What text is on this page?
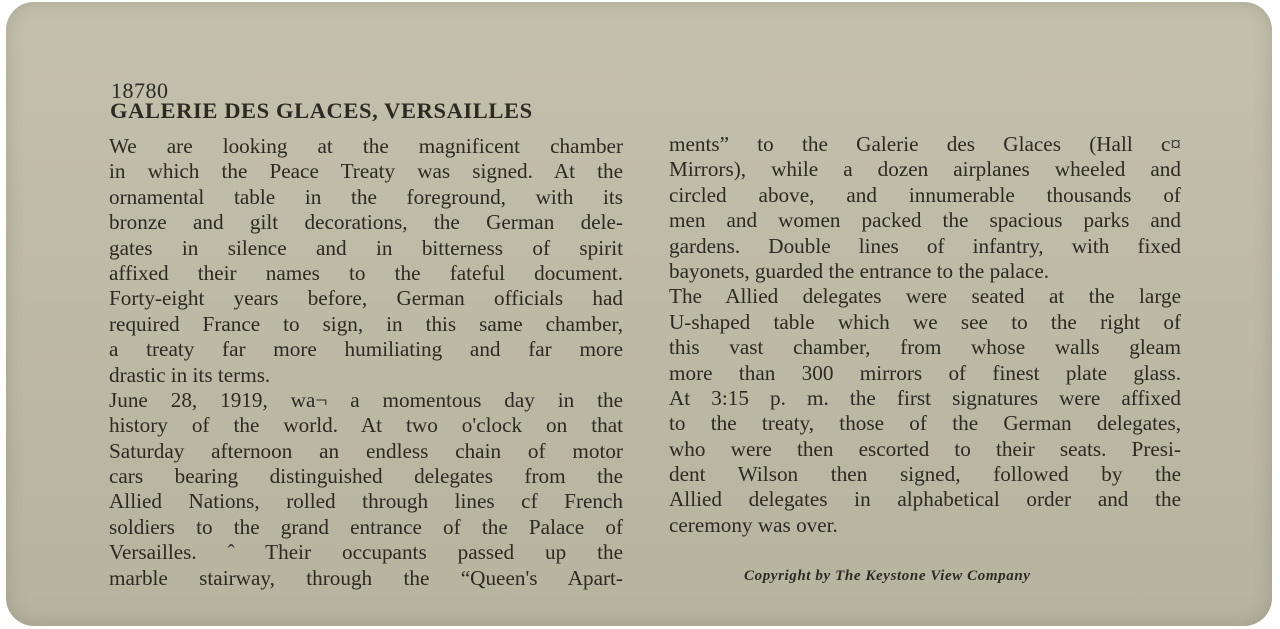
18780
GALERIE DES GLACES, VERSAILLES
We are looking at the magnificent chamber
in which the Peace Treaty was signed. At the
ornamental table in the foreground, with its
bronze and gilt decorations, the German dele-
gates in silence and in bitterness of spirit
affixed their names to the fateful document.
Forty-eight years before, German officials had
required France to sign, in this same chamber,
a treaty far more humiliating and far more
drastic in its terms.
June 28, 1919, wa¬ a momentous day in the
history of the world. At two o'clock on that
Saturday afternoon an endless chain of motor
cars bearing distinguished delegates from the
Allied Nations, rolled through lines cf French
soldiers to the grand entrance of the Palace of
Versailles. ˆ Their occupants passed up the
marble stairway, through the “Queen's Apart-
ments” to the Galerie des Glaces (Hall c¤
Mirrors), while a dozen airplanes wheeled and
circled above, and innumerable thousands of
men and women packed the spacious parks and
gardens. Double lines of infantry, with fixed
bayonets, guarded the entrance to the palace.
The Allied delegates were seated at the large
U-shaped table which we see to the right of
this vast chamber, from whose walls gleam
more than 300 mirrors of finest plate glass.
At 3:15 p. m. the first signatures were affixed
to the treaty, those of the German delegates,
who were then escorted to their seats. Presi-
dent Wilson then signed, followed by the
Allied delegates in alphabetical order and the
ceremony was over.
Copyright by The Keystone View Company
